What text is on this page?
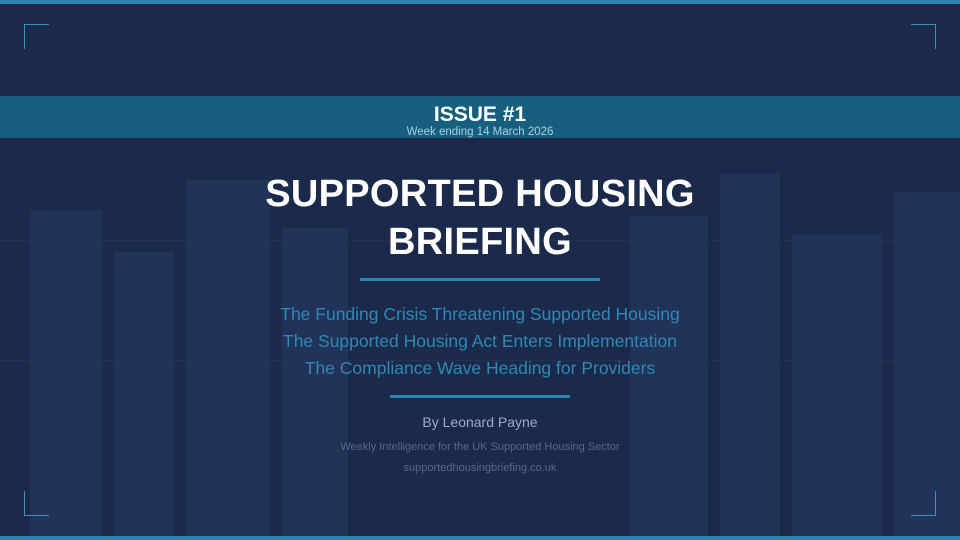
ISSUE #1
Week ending 14 March 2026
SUPPORTED HOUSING BRIEFING
The Funding Crisis Threatening Supported Housing
The Supported Housing Act Enters Implementation
The Compliance Wave Heading for Providers
By Leonard Payne
Weekly Intelligence for the UK Supported Housing Sector
supportedhousingbriefing.co.uk
